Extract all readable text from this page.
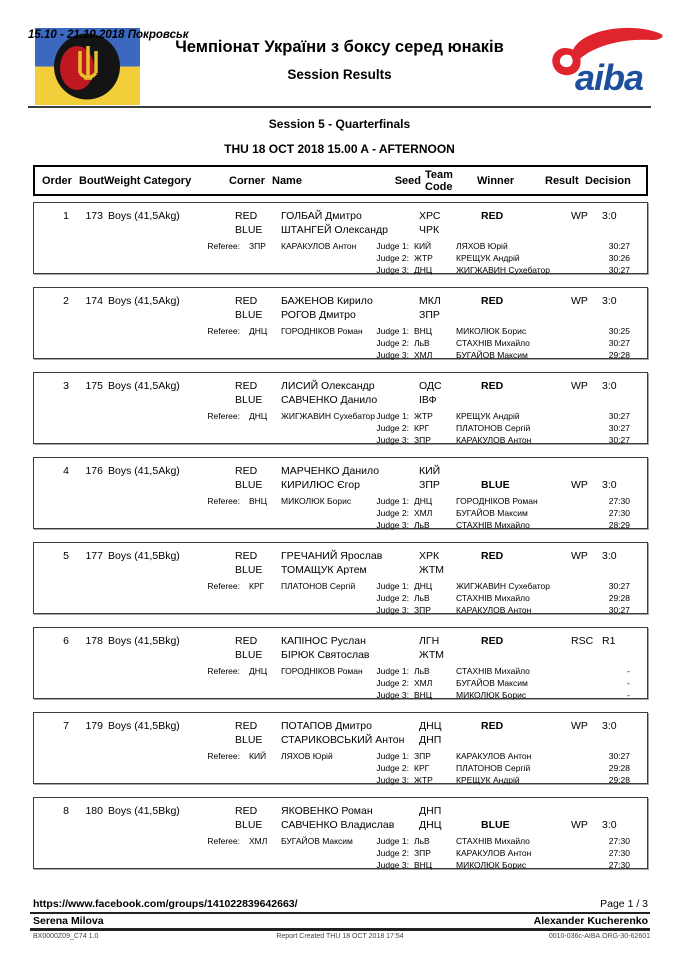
15.10 - 21.10.2018 Покровськ
Чемпіонат України з боксу серед юнаків
Session Results	aiba
Session 5 - Quarterfinals
THU 18 OCT 2018 15.00 A - AFTERNOON
Order Bout Weight Category	Corner Name	Seed Team Code	Winner	Result Decision
1	173 Boys (41,5Akg)	RED ГОЛБАЙ Дмитро	ХРС	RED	WP 3:0
BLUE ШТАНГЕЙ Олександр	ЧРК
Referee: ЗПР КАРАКУЛОВ Антон	Judge 1: КИЙ	ЛЯХОВ Юрій	30:27
Judge 2: ЖТР	КРЕЩУК Андрій	30:26
Judge 3: ДНЦ	ЖИГЖАВИН Сухебатор	30:27
2	174 Boys (41,5Akg)	RED БАЖЕНОВ Кирило	МКЛ	RED	WP 3:0
BLUE РОГОВ Дмитро	ЗПР
Referee: ДНЦ ГОРОДНІКОВ Роман	Judge 1: ВНЦ	МИКОЛЮК Борис	30:25
Judge 2: ЛьВ	СТАХНІВ Михайло	30:27
Judge 3: ХМЛ	БУГАЙОВ Максим	29:28
3	175 Boys (41,5Akg)	RED ЛИСИЙ Олександр	ОДС	RED	WP 3:0
BLUE САВЧЕНКО Данило	ІВФ
Referee: ДНЦ ЖИГЖАВИН Сухебатор Judge 1: ЖТР	КРЕЩУК Андрій	30:27
Judge 2: КРГ	ПЛАТОНОВ Сергій	30:27
Judge 3: ЗПР	КАРАКУЛОВ Антон	30:27
4	176 Boys (41,5Akg)	RED МАРЧЕНКО Данило	КИЙ
BLUE КИРИЛЮС Єгор	ЗПР	BLUE	WP 3:0
Referee: ВНЦ МИКОЛЮК Борис	Judge 1: ДНЦ	ГОРОДНІКОВ Роман	27:30
Judge 2: ХМЛ	БУГАЙОВ Максим	27:30
Judge 3: ЛьВ	СТАХНІВ Михайло	28:29
5	177 Boys (41,5Bkg)	RED ГРЕЧАНИЙ Ярослав	ХРК	RED	WP 3:0
BLUE ТОМАЩУК Артем	ЖТМ
Referee: КРГ ПЛАТОНОВ Сергій	Judge 1: ДНЦ	ЖИГЖАВИН Сухебатор	30:27
Judge 2: ЛьВ	СТАХНІВ Михайло	29:28
Judge 3: ЗПР	КАРАКУЛОВ Антон	30:27
6	178 Boys (41,5Bkg)	RED КАПІНОС Руслан	ЛГН	RED	RSC R1
BLUE БІРЮК Святослав	ЖТМ
Referee: ДНЦ ГОРОДНІКОВ Роман	Judge 1: ЛьВ	СТАХНІВ Михайло	-
Judge 2: ХМЛ	БУГАЙОВ Максим	-
Judge 3: ВНЦ	МИКОЛЮК Борис	-
7	179 Boys (41,5Bkg)	RED ПОТАПОВ Дмитро	ДНЦ	RED	WP 3:0
BLUE СТАРИКОВСЬКИЙ Антон ДНП
Referee: КИЙ ЛЯХОВ Юрій	Judge 1: ЗПР	КАРАКУЛОВ Антон	30:27
Judge 2: КРГ	ПЛАТОНОВ Сергій	29:28
Judge 3: ЖТР	КРЕЩУК Андрій	29:28
8	180 Boys (41,5Bkg)	RED ЯКОВЕНКО Роман	ДНП
BLUE САВЧЕНКО Владислав ДНЦ	BLUE	WP 3:0
Referee: ХМЛ БУГАЙОВ Максим	Judge 1: ЛьВ	СТАХНІВ Михайло	27:30
Judge 2: ЗПР	КАРАКУЛОВ Антон	27:30
Judge 3: ВНЦ	МИКОЛЮК Борис	27:30
https://www.facebook.com/groups/141022839642663/	Page 1 / 3
Serena Milova	Alexander Kucherenko
BX0000Z09_C74 1.0	Report Created THU 18 OCT 2018 17:54	0010-036c-AIBA.ORG-30-62601
